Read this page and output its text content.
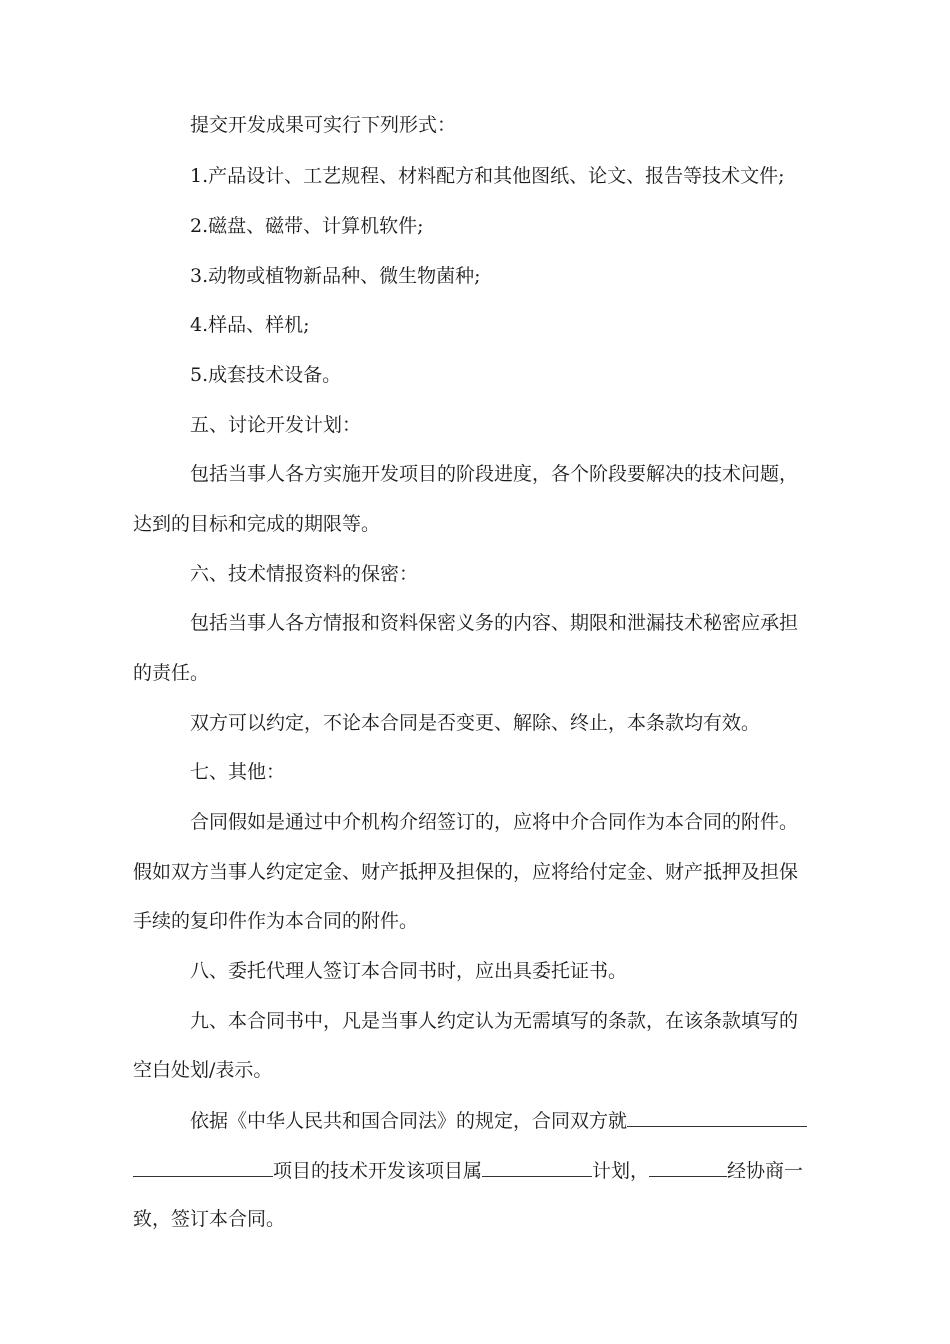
提交开发成果可实行下列形式：
1.产品设计、工艺规程、材料配方和其他图纸、论文、报告等技术文件;
2.磁盘、磁带、计算机软件;
3.动物或植物新品种、微生物菌种;
4.样品、样机;
5.成套技术设备。
五、讨论开发计划：
包括当事人各方实施开发项目的阶段进度，各个阶段要解决的技术问题，
达到的目标和完成的期限等。
六、技术情报资料的保密：
包括当事人各方情报和资料保密义务的内容、期限和泄漏技术秘密应承担
的责任。
双方可以约定，不论本合同是否变更、解除、终止，本条款均有效。
七、其他：
合同假如是通过中介机构介绍签订的，应将中介合同作为本合同的附件。
假如双方当事人约定定金、财产抵押及担保的，应将给付定金、财产抵押及担保
手续的复印件作为本合同的附件。
八、委托代理人签订本合同书时，应出具委托证书。
九、本合同书中，凡是当事人约定认为无需填写的条款，在该条款填写的
空白处划/表示。
依据《中华人民共和国合同法》的规定，合同双方就
项目的技术开发该项目属	计划，	经协商一
致，签订本合同。
